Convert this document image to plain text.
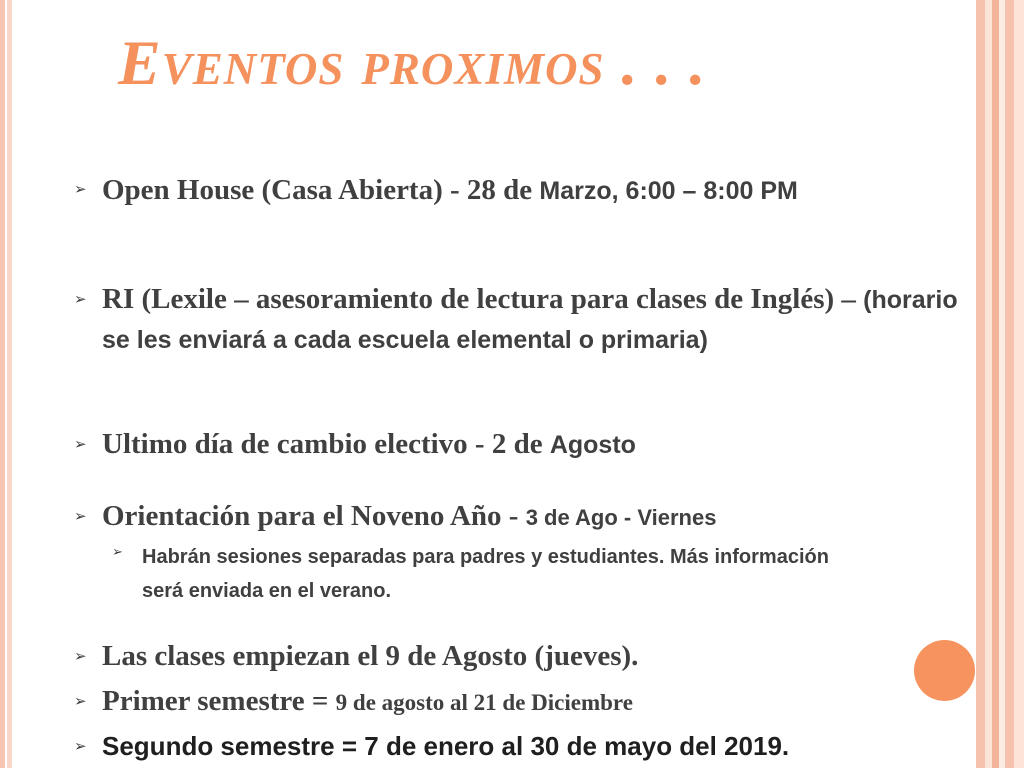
Eventos proximos . . .
➢ Open House (Casa Abierta) - 28 de Marzo, 6:00 – 8:00 PM
➢ RI (Lexile – asesoramiento de lectura para clases de Inglés) – (horario se les enviará a cada escuela elemental o primaria)
➢ Ultimo día de cambio electivo - 2 de Agosto
➢ Orientación para el Noveno Año - 3 de Ago - Viernes
➢ Habrán sesiones separadas para padres y estudiantes. Más información será enviada en el verano.
➢ Las clases empiezan el 9 de Agosto (jueves).
➢ Primer semestre = 9 de agosto al 21 de Diciembre
➢ Segundo semestre = 7 de enero al 30 de mayo del 2019.
